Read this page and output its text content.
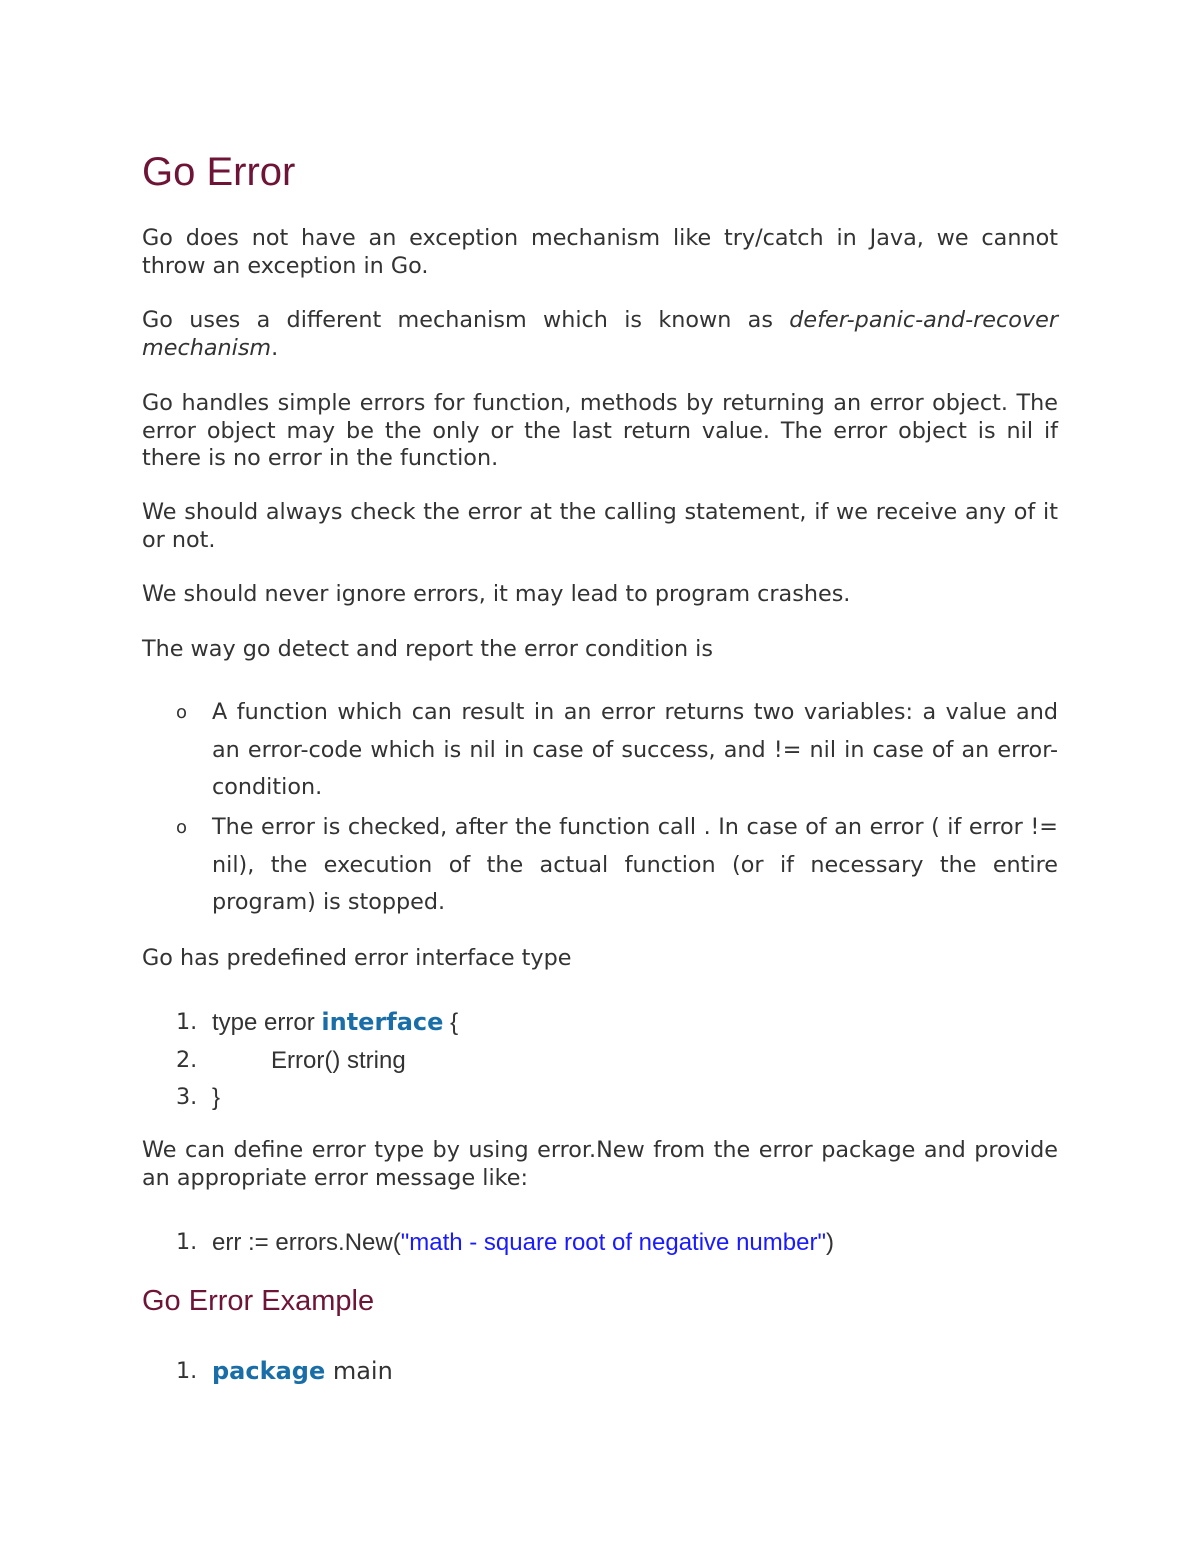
Go Error

Go does not have an exception mechanism like try/catch in Java, we cannot throw an exception in Go.

Go uses a different mechanism which is known as defer-panic-and-recover mechanism.

Go handles simple errors for function, methods by returning an error object. The error object may be the only or the last return value. The error object is nil if there is no error in the function.

We should always check the error at the calling statement, if we receive any of it or not.

We should never ignore errors, it may lead to program crashes.

The way go detect and report the error condition is

o A function which can result in an error returns two variables: a value and an error-code which is nil in case of success, and != nil in case of an error-condition.
o The error is checked, after the function call . In case of an error ( if error != nil), the execution of the actual function (or if necessary the entire program) is stopped.

Go has predefined error interface type

1. type error interface {
2.	Error() string
3. }

We can define error type by using error.New from the error package and provide an appropriate error message like:

1. err := errors.New("math - square root of negative number")
Go Error Example
1. package main
